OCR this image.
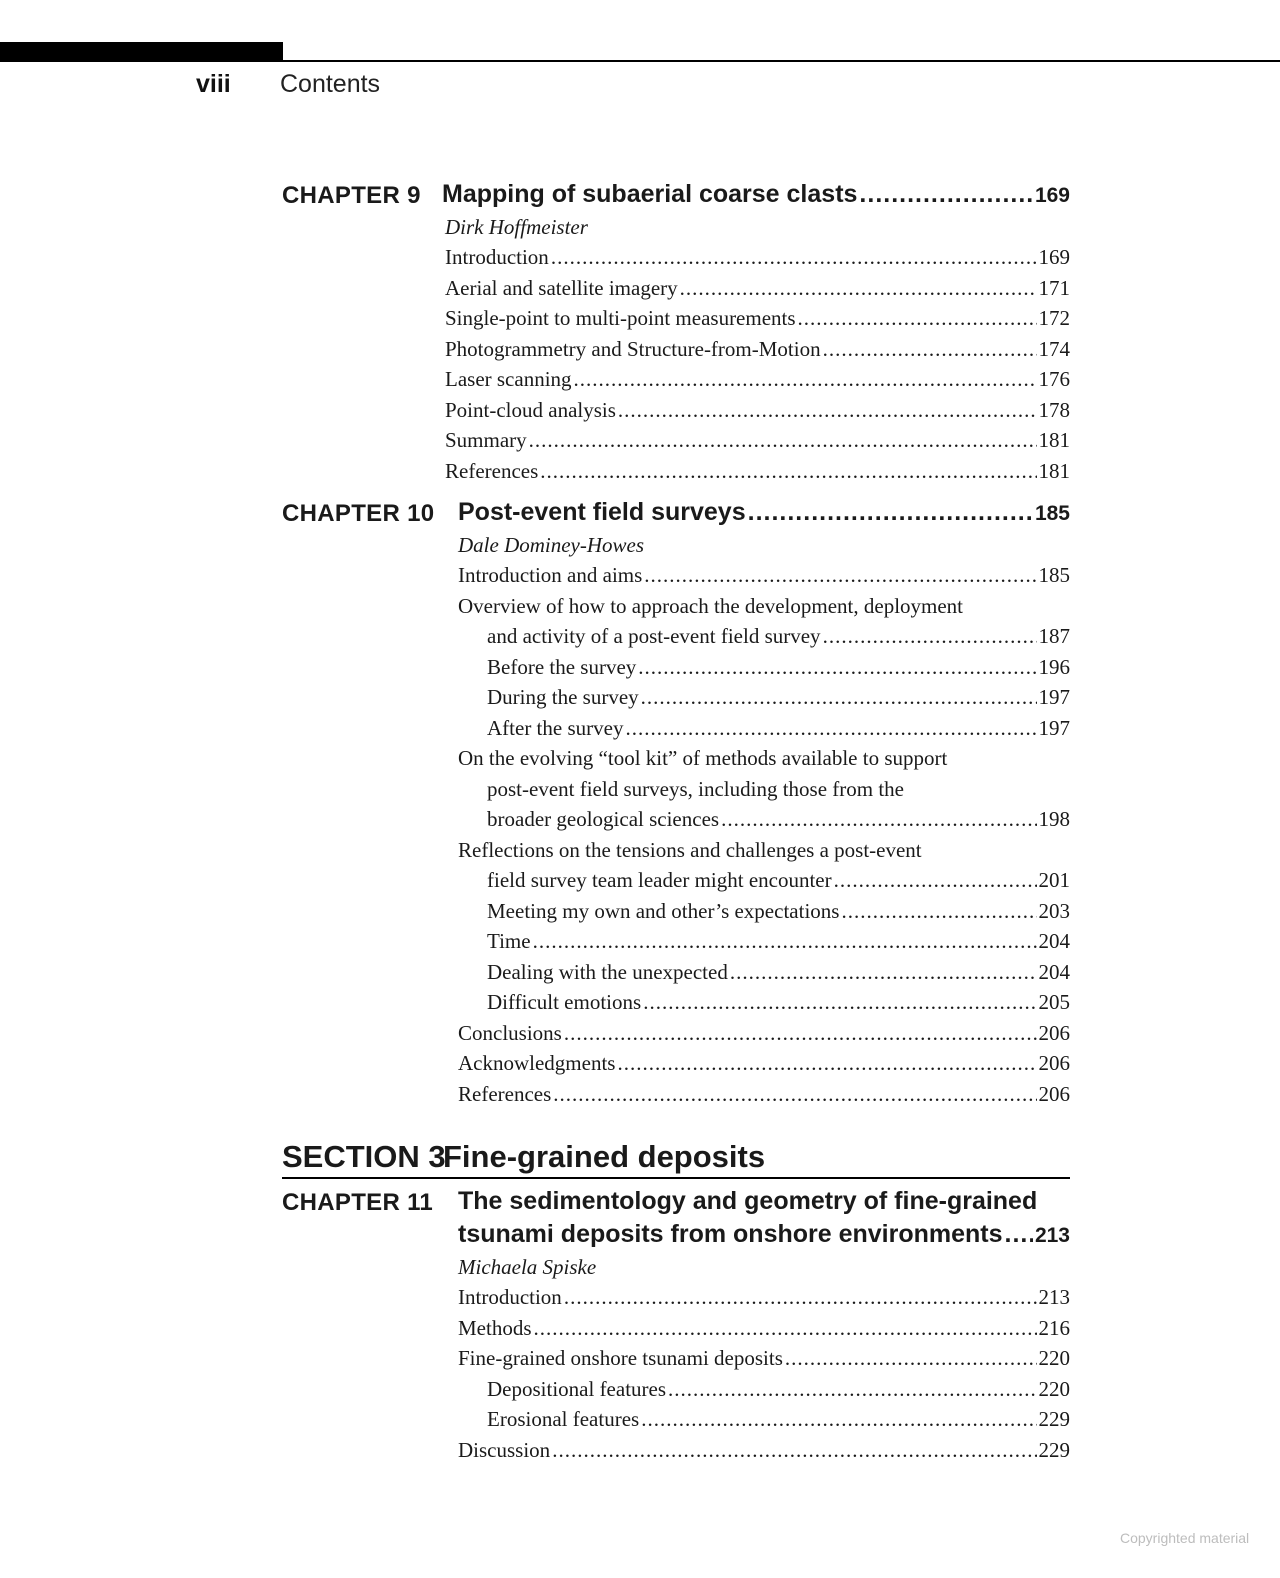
viii Contents
CHAPTER 9 Mapping of subaerial coarse clasts .....	169
Dirk Hoffmeister
Introduction .....	169
Aerial and satellite imagery .....	171
Single-point to multi-point measurements .....	172
Photogrammetry and Structure-from-Motion .....	174
Laser scanning .....	176
Point-cloud analysis .....	178
Summary .....	181
References .....	181
CHAPTER 10 Post-event field surveys .....	185
Dale Dominey-Howes
Introduction and aims .....	185
Overview of how to approach the development, deployment
and activity of a post-event field survey .....	187
Before the survey .....	196
During the survey .....	197
After the survey .....	197
On the evolving “tool kit” of methods available to support
post-event field surveys, including those from the
broader geological sciences .....	198
Reflections on the tensions and challenges a post-event
field survey team leader might encounter .....	201
Meeting my own and other’s expectations .....	203
Time .....	204
Dealing with the unexpected .....	204
Difficult emotions .....	205
Conclusions .....	206
Acknowledgments .....	206
References .....	206
SECTION 3
Fine-grained deposits
CHAPTER 11 The sedimentology and geometry of fine-grained
tsunami deposits from onshore environments ..... 213
Michaela Spiske
Introduction .....	213
Methods .....	216
Fine-grained onshore tsunami deposits .....	220
Depositional features .....	220
Erosional features .....	229
Discussion .....	229
Copyrighted material
